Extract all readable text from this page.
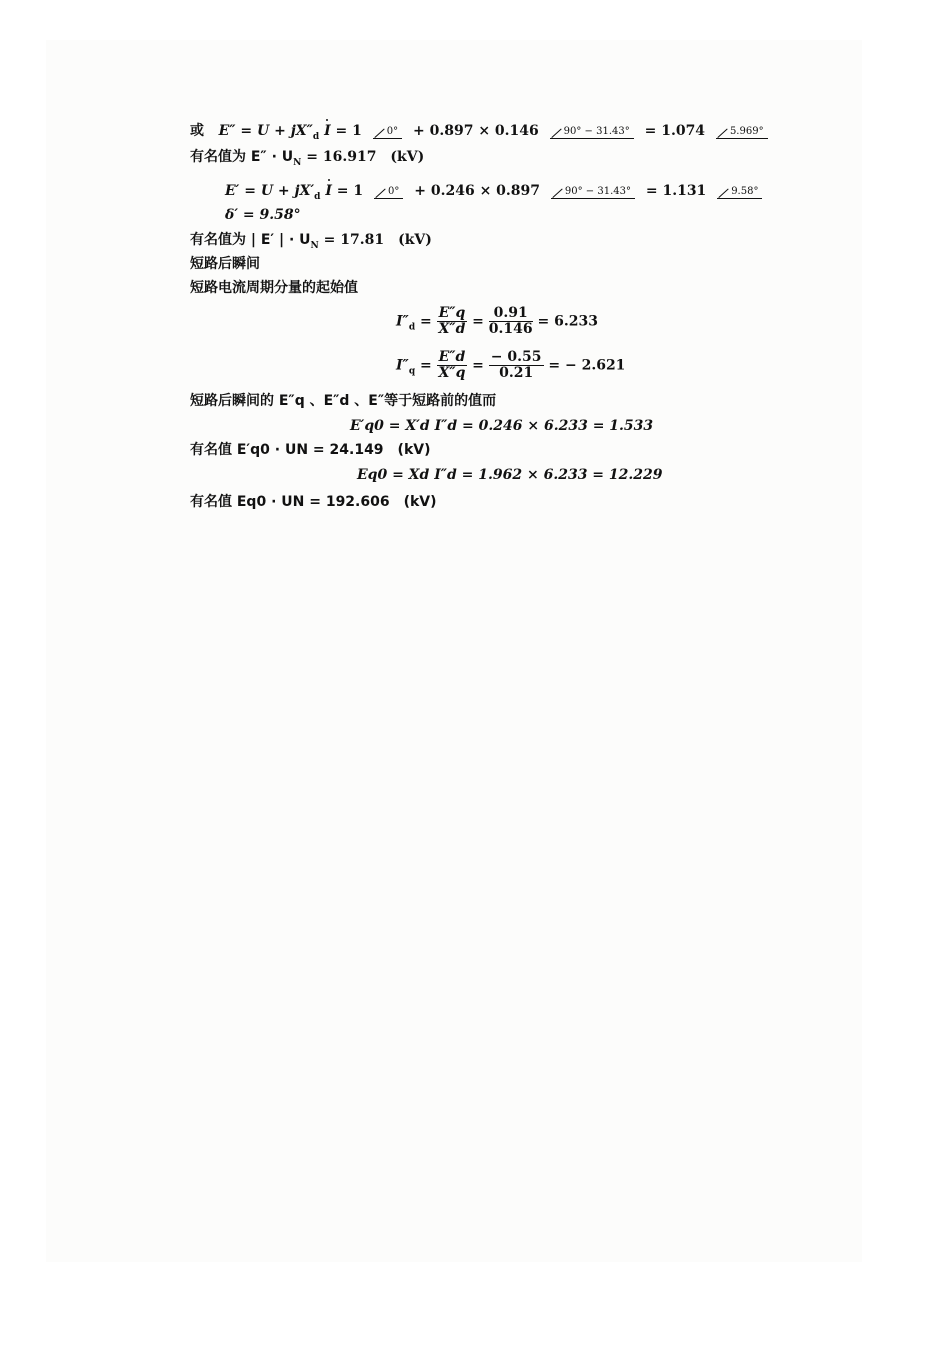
或 $E'' = U + jX''_d$ I = 1 0° + 0.897 × 0.146 90° − 31.43° = 1.074 5.969°
有名值为 $E'' \cdot U_N = 16.917$　(kV)
$E' = U + jX'_d$ I = 1 0° + 0.246 × 0.897 90° − 31.43° = 1.131 9.58°
δ′ = 9.58°
有名值为 | E′ | · $U_N = 17.81$　(kV)
短路后瞬间
短路电流周期分量的起始值
$I''_d = \frac{E''q}{X''d} = \frac{0.91}{0.146} = 6.233$
$I''_q = \frac{E''d}{X''q} = \frac{- 0.55}{0.21}$ = − 2.621
短路后瞬间的 E″q 、E″d 、E″等于短路前的值而
E′q0 = X′d I″d = 0.246 × 6.233 = 1.533
有名值 E′q0 · UN = 24.149　(kV)
Eq0 = Xd I″d = 1.962 × 6.233 = 12.229
有名值 Eq0 · UN = 192.606　(kV)
